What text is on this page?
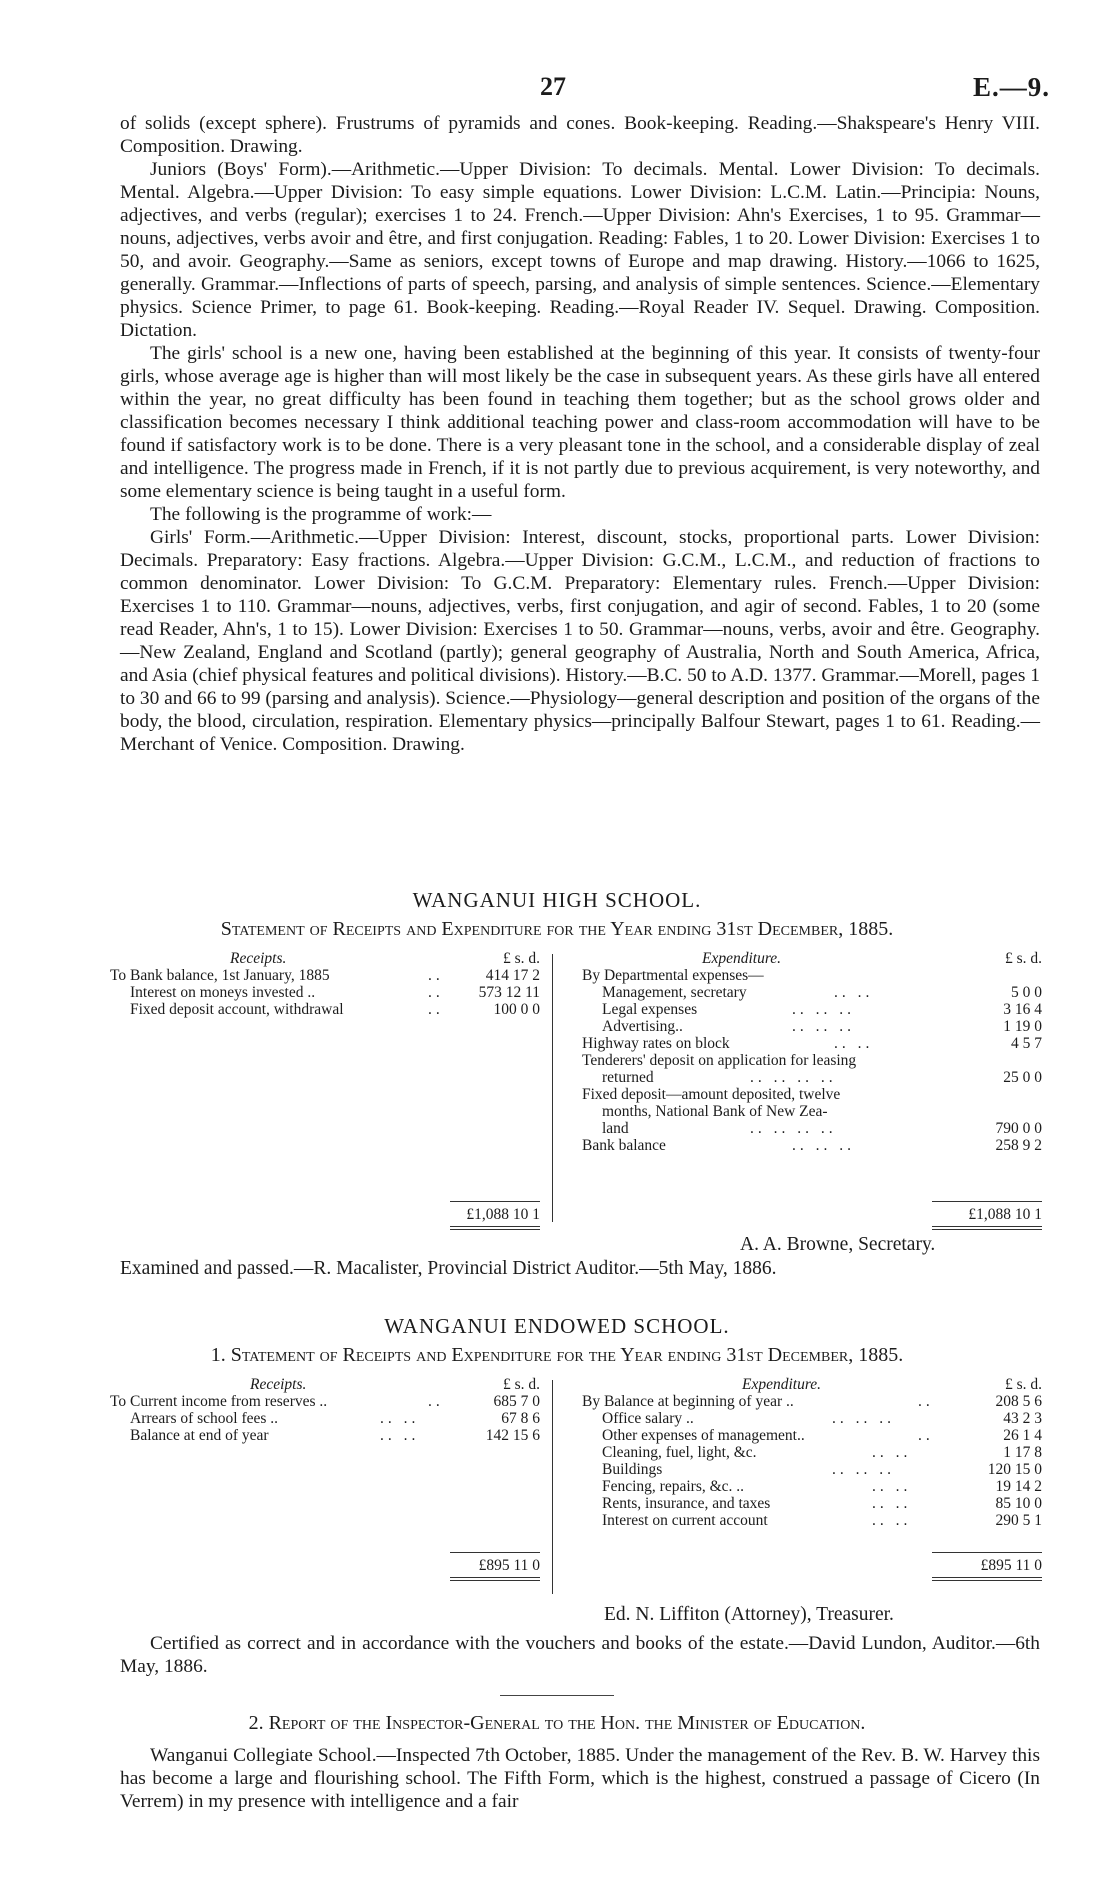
27	E.—9.

of solids (except sphere). Frustrums of pyramids and cones. Book-keeping. Reading.—Shakspeare's Henry VIII. Composition. Drawing.

Juniors (Boys' Form).—Arithmetic.—Upper Division: To decimals. Mental. Lower Division: To decimals. Mental. Algebra.—Upper Division: To easy simple equations. Lower Division: L.C.M. Latin.—Principia: Nouns, adjectives, and verbs (regular); exercises 1 to 24. French.—Upper Division: Ahn's Exercises, 1 to 95. Grammar—nouns, adjectives, verbs avoir and être, and first conjugation. Reading: Fables, 1 to 20. Lower Division: Exercises 1 to 50, and avoir. Geography.—Same as seniors, except towns of Europe and map drawing. History.—1066 to 1625, generally. Grammar.—Inflections of parts of speech, parsing, and analysis of simple sentences. Science.—Elementary physics. Science Primer, to page 61. Book-keeping. Reading.—Royal Reader IV. Sequel. Drawing. Composition. Dictation.

The girls' school is a new one, having been established at the beginning of this year. It consists of twenty-four girls, whose average age is higher than will most likely be the case in subsequent years. As these girls have all entered within the year, no great difficulty has been found in teaching them together; but as the school grows older and classification becomes necessary I think additional teaching power and class-room accommodation will have to be found if satisfactory work is to be done. There is a very pleasant tone in the school, and a considerable display of zeal and intelligence. The progress made in French, if it is not partly due to previous acquirement, is very noteworthy, and some elementary science is being taught in a useful form.

The following is the programme of work:—

Girls' Form.—Arithmetic.—Upper Division: Interest, discount, stocks, proportional parts. Lower Division: Decimals. Preparatory: Easy fractions. Algebra.—Upper Division: G.C.M., L.C.M., and reduction of fractions to common denominator. Lower Division: To G.C.M. Preparatory: Elementary rules. French.—Upper Division: Exercises 1 to 110. Grammar—nouns, adjectives, verbs, first conjugation, and agir of second. Fables, 1 to 20 (some read Reader, Ahn's, 1 to 15). Lower Division: Exercises 1 to 50. Grammar—nouns, verbs, avoir and être. Geography.—New Zealand, England and Scotland (partly); general geography of Australia, North and South America, Africa, and Asia (chief physical features and political divisions). History.—B.C. 50 to A.D. 1377. Grammar.—Morell, pages 1 to 30 and 66 to 99 (parsing and analysis). Science.—Physiology—general description and position of the organs of the body, the blood, circulation, respiration. Elementary physics—principally Balfour Stewart, pages 1 to 61. Reading.—Merchant of Venice. Composition. Drawing.

WANGANUI HIGH SCHOOL.
Statement of Receipts and Expenditure for the Year ending 31st December, 1885.
Receipts.	£ s. d.
To Bank balance, 1st January, 1885	..	414 17 2
Interest on moneys invested ..	..	573 12 11
Fixed deposit account, withdrawal	..	100 0 0
£1,088 10 1
Expenditure.	£ s. d.
By Departmental expenses—
Management, secretary	.. ..	5 0 0
Legal expenses	.. .. ..	3 16 4
Advertising..	.. .. ..	1 19 0
Highway rates on block	.. ..	4 5 7
Tenderers' deposit on application for leasing
returned	.. .. .. ..	25 0 0
Fixed deposit—amount deposited, twelve
months, National Bank of New Zea-
land	.. .. .. ..	790 0 0
Bank balance	.. .. ..	258 9 2
£1,088 10 1
A. A. Browne, Secretary.
Examined and passed.—R. Macalister, Provincial District Auditor.—5th May, 1886.
WANGANUI ENDOWED SCHOOL.
1. Statement of Receipts and Expenditure for the Year ending 31st December, 1885.
Receipts.	£ s. d.
To Current income from reserves ..	..	685 7 0
Arrears of school fees ..	.. ..	67 8 6
Balance at end of year	.. ..	142 15 6
£895 11 0
Expenditure.	£ s. d.
By Balance at beginning of year ..	..	208 5 6
Office salary ..	.. .. ..	43 2 3
Other expenses of management..	..	26 1 4
Cleaning, fuel, light, &c.	.. ..	1 17 8
Buildings	.. .. ..	120 15 0
Fencing, repairs, &c. ..	.. ..	19 14 2
Rents, insurance, and taxes	.. ..	85 10 0
Interest on current account	.. ..	290 5 1
£895 11 0
Ed. N. Liffiton (Attorney), Treasurer.

Certified as correct and in accordance with the vouchers and books of the estate.—David Lundon, Auditor.—6th May, 1886.

2. Report of the Inspector-General to the Hon. the Minister of Education.

Wanganui Collegiate School.—Inspected 7th October, 1885. Under the management of the Rev. B. W. Harvey this has become a large and flourishing school. The Fifth Form, which is the highest, construed a passage of Cicero (In Verrem) in my presence with intelligence and a fair
